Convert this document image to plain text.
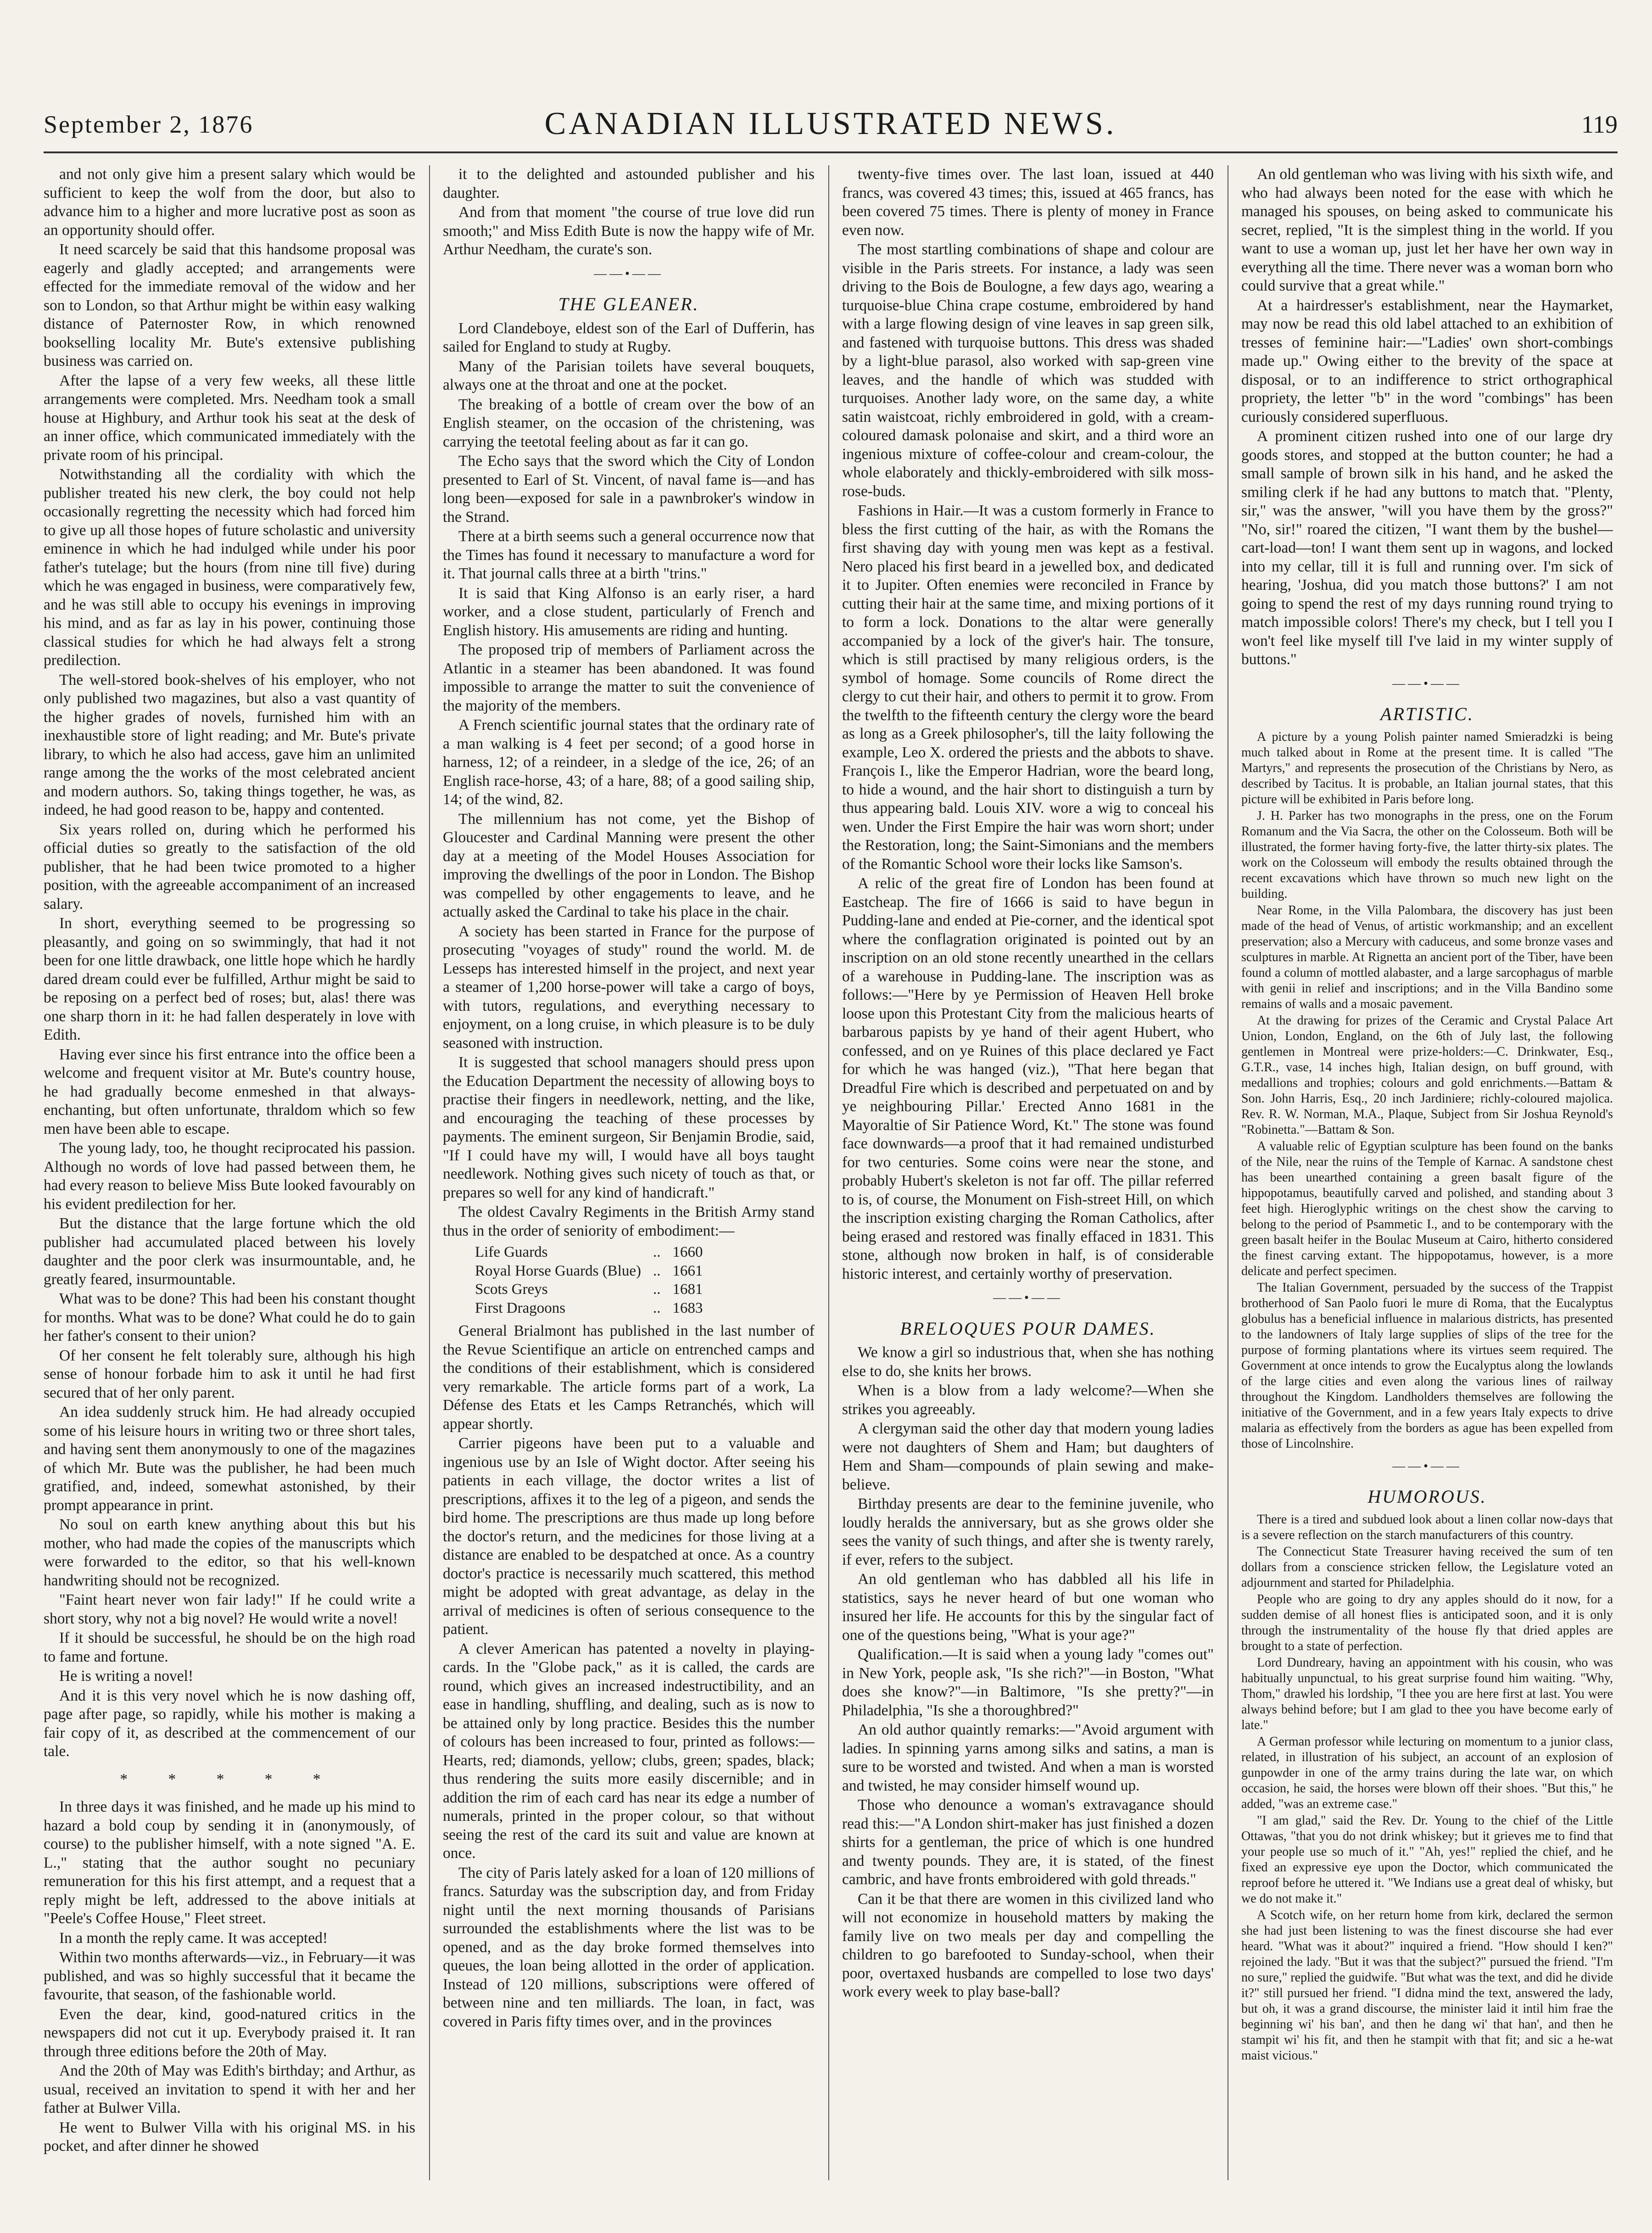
September 2, 1876	CANADIAN ILLUSTRATED NEWS.	119

and not only give him a present salary which would be sufficient to keep the wolf from the door, but also to advance him to a higher and more lucrative post as soon as an opportunity should offer.

It need scarcely be said that this handsome proposal was eagerly and gladly accepted; and arrangements were effected for the immediate removal of the widow and her son to London, so that Arthur might be within easy walking distance of Paternoster Row, in which renowned bookselling locality Mr. Bute's extensive publishing business was carried on.

After the lapse of a very few weeks, all these little arrangements were completed. Mrs. Needham took a small house at Highbury, and Arthur took his seat at the desk of an inner office, which communicated immediately with the private room of his principal.

Notwithstanding all the cordiality with which the publisher treated his new clerk, the boy could not help occasionally regretting the necessity which had forced him to give up all those hopes of future scholastic and university eminence in which he had indulged while under his poor father's tutelage; but the hours (from nine till five) during which he was engaged in business, were comparatively few, and he was still able to occupy his evenings in improving his mind, and as far as lay in his power, continuing those classical studies for which he had always felt a strong predilection.

The well-stored book-shelves of his employer, who not only published two magazines, but also a vast quantity of the higher grades of novels, furnished him with an inexhaustible store of light reading; and Mr. Bute's private library, to which he also had access, gave him an unlimited range among the the works of the most celebrated ancient and modern authors. So, taking things together, he was, as indeed, he had good reason to be, happy and contented.

Six years rolled on, during which he performed his official duties so greatly to the satisfaction of the old publisher, that he had been twice promoted to a higher position, with the agreeable accompaniment of an increased salary.

In short, everything seemed to be progressing so pleasantly, and going on so swimmingly, that had it not been for one little drawback, one little hope which he hardly dared dream could ever be fulfilled, Arthur might be said to be reposing on a perfect bed of roses; but, alas! there was one sharp thorn in it: he had fallen desperately in love with Edith.

Having ever since his first entrance into the office been a welcome and frequent visitor at Mr. Bute's country house, he had gradually become enmeshed in that always-enchanting, but often unfortunate, thraldom which so few men have been able to escape.

The young lady, too, he thought reciprocated his passion. Although no words of love had passed between them, he had every reason to believe Miss Bute looked favourably on his evident predilection for her.

But the distance that the large fortune which the old publisher had accumulated placed between his lovely daughter and the poor clerk was insurmountable, and, he greatly feared, insurmountable.

What was to be done? This had been his constant thought for months. What was to be done? What could he do to gain her father's consent to their union?

Of her consent he felt tolerably sure, although his high sense of honour forbade him to ask it until he had first secured that of her only parent.

An idea suddenly struck him. He had already occupied some of his leisure hours in writing two or three short tales, and having sent them anonymously to one of the magazines of which Mr. Bute was the publisher, he had been much gratified, and, indeed, somewhat astonished, by their prompt appearance in print.

No soul on earth knew anything about this but his mother, who had made the copies of the manuscripts which were forwarded to the editor, so that his well-known handwriting should not be recognized.

"Faint heart never won fair lady!" If he could write a short story, why not a big novel? He would write a novel!

If it should be successful, he should be on the high road to fame and fortune.

He is writing a novel!

And it is this very novel which he is now dashing off, page after page, so rapidly, while his mother is making a fair copy of it, as described at the commencement of our tale.

* * * * *

In three days it was finished, and he made up his mind to hazard a bold coup by sending it in (anonymously, of course) to the publisher himself, with a note signed "A. E. L.," stating that the author sought no pecuniary remuneration for this his first attempt, and a request that a reply might be left, addressed to the above initials at "Peele's Coffee House," Fleet street.

In a month the reply came. It was accepted!

Within two months afterwards—viz., in February—it was published, and was so highly successful that it became the favourite, that season, of the fashionable world.

Even the dear, kind, good-natured critics in the newspapers did not cut it up. Everybody praised it. It ran through three editions before the 20th of May.

And the 20th of May was Edith's birthday; and Arthur, as usual, received an invitation to spend it with her and her father at Bulwer Villa.

He went to Bulwer Villa with his original MS. in his pocket, and after dinner he showed

it to the delighted and astounded publisher and his daughter.

And from that moment "the course of true love did run smooth;" and Miss Edith Bute is now the happy wife of Mr. Arthur Needham, the curate's son.

——•——
THE GLEANER.

Lord Clandeboye, eldest son of the Earl of Dufferin, has sailed for England to study at Rugby.

Many of the Parisian toilets have several bouquets, always one at the throat and one at the pocket.

The breaking of a bottle of cream over the bow of an English steamer, on the occasion of the christening, was carrying the teetotal feeling about as far it can go.

The Echo says that the sword which the City of London presented to Earl of St. Vincent, of naval fame is—and has long been—exposed for sale in a pawnbroker's window in the Strand.

There at a birth seems such a general occurrence now that the Times has found it necessary to manufacture a word for it. That journal calls three at a birth "trins."

It is said that King Alfonso is an early riser, a hard worker, and a close student, particularly of French and English history. His amusements are riding and hunting.

The proposed trip of members of Parliament across the Atlantic in a steamer has been abandoned. It was found impossible to arrange the matter to suit the convenience of the majority of the members.

A French scientific journal states that the ordinary rate of a man walking is 4 feet per second; of a good horse in harness, 12; of a reindeer, in a sledge of the ice, 26; of an English race-horse, 43; of a hare, 88; of a good sailing ship, 14; of the wind, 82.

The millennium has not come, yet the Bishop of Gloucester and Cardinal Manning were present the other day at a meeting of the Model Houses Association for improving the dwellings of the poor in London. The Bishop was compelled by other engagements to leave, and he actually asked the Cardinal to take his place in the chair.

A society has been started in France for the purpose of prosecuting "voyages of study" round the world. M. de Lesseps has interested himself in the project, and next year a steamer of 1,200 horse-power will take a cargo of boys, with tutors, regulations, and everything necessary to enjoyment, on a long cruise, in which pleasure is to be duly seasoned with instruction.

It is suggested that school managers should press upon the Education Department the necessity of allowing boys to practise their fingers in needlework, netting, and the like, and encouraging the teaching of these processes by payments. The eminent surgeon, Sir Benjamin Brodie, said, "If I could have my will, I would have all boys taught needlework. Nothing gives such nicety of touch as that, or prepares so well for any kind of handicraft."

The oldest Cavalry Regiments in the British Army stand thus in the order of seniority of embodiment:—

Life Guards	..	1660
Royal Horse Guards (Blue)	..	1661
Scots Greys	..	1681
First Dragoons	..	1683

General Brialmont has published in the last number of the Revue Scientifique an article on entrenched camps and the conditions of their establishment, which is considered very remarkable. The article forms part of a work, La Défense des Etats et les Camps Retranchés, which will appear shortly.

Carrier pigeons have been put to a valuable and ingenious use by an Isle of Wight doctor. After seeing his patients in each village, the doctor writes a list of prescriptions, affixes it to the leg of a pigeon, and sends the bird home. The prescriptions are thus made up long before the doctor's return, and the medicines for those living at a distance are enabled to be despatched at once. As a country doctor's practice is necessarily much scattered, this method might be adopted with great advantage, as delay in the arrival of medicines is often of serious consequence to the patient.

A clever American has patented a novelty in playing-cards. In the "Globe pack," as it is called, the cards are round, which gives an increased indestructibility, and an ease in handling, shuffling, and dealing, such as is now to be attained only by long practice. Besides this the number of colours has been increased to four, printed as follows:—Hearts, red; diamonds, yellow; clubs, green; spades, black; thus rendering the suits more easily discernible; and in addition the rim of each card has near its edge a number of numerals, printed in the proper colour, so that without seeing the rest of the card its suit and value are known at once.

The city of Paris lately asked for a loan of 120 millions of francs. Saturday was the subscription day, and from Friday night until the next morning thousands of Parisians surrounded the establishments where the list was to be opened, and as the day broke formed themselves into queues, the loan being allotted in the order of application. Instead of 120 millions, subscriptions were offered of between nine and ten milliards. The loan, in fact, was covered in Paris fifty times over, and in the provinces

twenty-five times over. The last loan, issued at 440 francs, was covered 43 times; this, issued at 465 francs, has been covered 75 times. There is plenty of money in France even now.

The most startling combinations of shape and colour are visible in the Paris streets. For instance, a lady was seen driving to the Bois de Boulogne, a few days ago, wearing a turquoise-blue China crape costume, embroidered by hand with a large flowing design of vine leaves in sap green silk, and fastened with turquoise buttons. This dress was shaded by a light-blue parasol, also worked with sap-green vine leaves, and the handle of which was studded with turquoises. Another lady wore, on the same day, a white satin waistcoat, richly embroidered in gold, with a cream-coloured damask polonaise and skirt, and a third wore an ingenious mixture of coffee-colour and cream-colour, the whole elaborately and thickly-embroidered with silk moss-rose-buds.

Fashions in Hair.—It was a custom formerly in France to bless the first cutting of the hair, as with the Romans the first shaving day with young men was kept as a festival. Nero placed his first beard in a jewelled box, and dedicated it to Jupiter. Often enemies were reconciled in France by cutting their hair at the same time, and mixing portions of it to form a lock. Donations to the altar were generally accompanied by a lock of the giver's hair. The tonsure, which is still practised by many religious orders, is the symbol of homage. Some councils of Rome direct the clergy to cut their hair, and others to permit it to grow. From the twelfth to the fifteenth century the clergy wore the beard as long as a Greek philosopher's, till the laity following the example, Leo X. ordered the priests and the abbots to shave. François I., like the Emperor Hadrian, wore the beard long, to hide a wound, and the hair short to distinguish a turn by thus appearing bald. Louis XIV. wore a wig to conceal his wen. Under the First Empire the hair was worn short; under the Restoration, long; the Saint-Simonians and the members of the Romantic School wore their locks like Samson's.

A relic of the great fire of London has been found at Eastcheap. The fire of 1666 is said to have begun in Pudding-lane and ended at Pie-corner, and the identical spot where the conflagration originated is pointed out by an inscription on an old stone recently unearthed in the cellars of a warehouse in Pudding-lane. The inscription was as follows:—"Here by ye Permission of Heaven Hell broke loose upon this Protestant City from the malicious hearts of barbarous papists by ye hand of their agent Hubert, who confessed, and on ye Ruines of this place declared ye Fact for which he was hanged (viz.), "That here began that Dreadful Fire which is described and perpetuated on and by ye neighbouring Pillar.' Erected Anno 1681 in the Mayoraltie of Sir Patience Word, Kt." The stone was found face downwards—a proof that it had remained undisturbed for two centuries. Some coins were near the stone, and probably Hubert's skeleton is not far off. The pillar referred to is, of course, the Monument on Fish-street Hill, on which the inscription existing charging the Roman Catholics, after being erased and restored was finally effaced in 1831. This stone, although now broken in half, is of considerable historic interest, and certainly worthy of preservation.

——•——
BRELOQUES POUR DAMES.

We know a girl so industrious that, when she has nothing else to do, she knits her brows.

When is a blow from a lady welcome?—When she strikes you agreeably.

A clergyman said the other day that modern young ladies were not daughters of Shem and Ham; but daughters of Hem and Sham—compounds of plain sewing and make-believe.

Birthday presents are dear to the feminine juvenile, who loudly heralds the anniversary, but as she grows older she sees the vanity of such things, and after she is twenty rarely, if ever, refers to the subject.

An old gentleman who has dabbled all his life in statistics, says he never heard of but one woman who insured her life. He accounts for this by the singular fact of one of the questions being, "What is your age?"

Qualification.—It is said when a young lady "comes out" in New York, people ask, "Is she rich?"—in Boston, "What does she know?"—in Baltimore, "Is she pretty?"—in Philadelphia, "Is she a thoroughbred?"

An old author quaintly remarks:—"Avoid argument with ladies. In spinning yarns among silks and satins, a man is sure to be worsted and twisted. And when a man is worsted and twisted, he may consider himself wound up.

Those who denounce a woman's extravagance should read this:—"A London shirt-maker has just finished a dozen shirts for a gentleman, the price of which is one hundred and twenty pounds. They are, it is stated, of the finest cambric, and have fronts embroidered with gold threads."

Can it be that there are women in this civilized land who will not economize in household matters by making the family live on two meals per day and compelling the children to go barefooted to Sunday-school, when their poor, overtaxed husbands are compelled to lose two days' work every week to play base-ball?

An old gentleman who was living with his sixth wife, and who had always been noted for the ease with which he managed his spouses, on being asked to communicate his secret, replied, "It is the simplest thing in the world. If you want to use a woman up, just let her have her own way in everything all the time. There never was a woman born who could survive that a great while."

At a hairdresser's establishment, near the Haymarket, may now be read this old label attached to an exhibition of tresses of feminine hair:—"Ladies' own short-combings made up." Owing either to the brevity of the space at disposal, or to an indifference to strict orthographical propriety, the letter "b" in the word "combings" has been curiously considered superfluous.

A prominent citizen rushed into one of our large dry goods stores, and stopped at the button counter; he had a small sample of brown silk in his hand, and he asked the smiling clerk if he had any buttons to match that. "Plenty, sir," was the answer, "will you have them by the gross?" "No, sir!" roared the citizen, "I want them by the bushel—cart-load—ton! I want them sent up in wagons, and locked into my cellar, till it is full and running over. I'm sick of hearing, 'Joshua, did you match those buttons?' I am not going to spend the rest of my days running round trying to match impossible colors! There's my check, but I tell you I won't feel like myself till I've laid in my winter supply of buttons."

——•——
ARTISTIC.

A picture by a young Polish painter named Smieradzki is being much talked about in Rome at the present time. It is called "The Martyrs," and represents the prosecution of the Christians by Nero, as described by Tacitus. It is probable, an Italian journal states, that this picture will be exhibited in Paris before long.

J. H. Parker has two monographs in the press, one on the Forum Romanum and the Via Sacra, the other on the Colosseum. Both will be illustrated, the former having forty-five, the latter thirty-six plates. The work on the Colosseum will embody the results obtained through the recent excavations which have thrown so much new light on the building.

Near Rome, in the Villa Palombara, the discovery has just been made of the head of Venus, of artistic workmanship; and an excellent preservation; also a Mercury with caduceus, and some bronze vases and sculptures in marble. At Rignetta an ancient port of the Tiber, have been found a column of mottled alabaster, and a large sarcophagus of marble with genii in relief and inscriptions; and in the Villa Bandino some remains of walls and a mosaic pavement.

At the drawing for prizes of the Ceramic and Crystal Palace Art Union, London, England, on the 6th of July last, the following gentlemen in Montreal were prize-holders:—C. Drinkwater, Esq., G.T.R., vase, 14 inches high, Italian design, on buff ground, with medallions and trophies; colours and gold enrichments.—Battam & Son. John Harris, Esq., 20 inch Jardiniere; richly-coloured majolica. Rev. R. W. Norman, M.A., Plaque, Subject from Sir Joshua Reynold's "Robinetta."—Battam & Son.

A valuable relic of Egyptian sculpture has been found on the banks of the Nile, near the ruins of the Temple of Karnac. A sandstone chest has been unearthed containing a green basalt figure of the hippopotamus, beautifully carved and polished, and standing about 3 feet high. Hieroglyphic writings on the chest show the carving to belong to the period of Psammetic I., and to be contemporary with the green basalt heifer in the Boulac Museum at Cairo, hitherto considered the finest carving extant. The hippopotamus, however, is a more delicate and perfect specimen.

The Italian Government, persuaded by the success of the Trappist brotherhood of San Paolo fuori le mure di Roma, that the Eucalyptus globulus has a beneficial influence in malarious districts, has presented to the landowners of Italy large supplies of slips of the tree for the purpose of forming plantations where its virtues seem required. The Government at once intends to grow the Eucalyptus along the lowlands of the large cities and even along the various lines of railway throughout the Kingdom. Landholders themselves are following the initiative of the Government, and in a few years Italy expects to drive malaria as effectively from the borders as ague has been expelled from those of Lincolnshire.

——•——
HUMOROUS.

There is a tired and subdued look about a linen collar now-days that is a severe reflection on the starch manufacturers of this country.

The Connecticut State Treasurer having received the sum of ten dollars from a conscience stricken fellow, the Legislature voted an adjournment and started for Philadelphia.

People who are going to dry any apples should do it now, for a sudden demise of all honest flies is anticipated soon, and it is only through the instrumentality of the house fly that dried apples are brought to a state of perfection.

Lord Dundreary, having an appointment with his cousin, who was habitually unpunctual, to his great surprise found him waiting. "Why, Thom," drawled his lordship, "I thee you are here first at last. You were always behind before; but I am glad to thee you have become early of late."

A German professor while lecturing on momentum to a junior class, related, in illustration of his subject, an account of an explosion of gunpowder in one of the army trains during the late war, on which occasion, he said, the horses were blown off their shoes. "But this," he added, "was an extreme case."

"I am glad," said the Rev. Dr. Young to the chief of the Little Ottawas, "that you do not drink whiskey; but it grieves me to find that your people use so much of it." "Ah, yes!" replied the chief, and he fixed an expressive eye upon the Doctor, which communicated the reproof before he uttered it. "We Indians use a great deal of whisky, but we do not make it."

A Scotch wife, on her return home from kirk, declared the sermon she had just been listening to was the finest discourse she had ever heard. "What was it about?" inquired a friend. "How should I ken?" rejoined the lady. "But it was that the subject?" pursued the friend. "I'm no sure," replied the guidwife. "But what was the text, and did he divide it?" still pursued her friend. "I didna mind the text, answered the lady, but oh, it was a grand discourse, the minister laid it intil him frae the beginning wi' his ban', and then he dang wi' that han', and then he stampit wi' his fit, and then he stampit with that fit; and sic a he-wat maist vicious."
